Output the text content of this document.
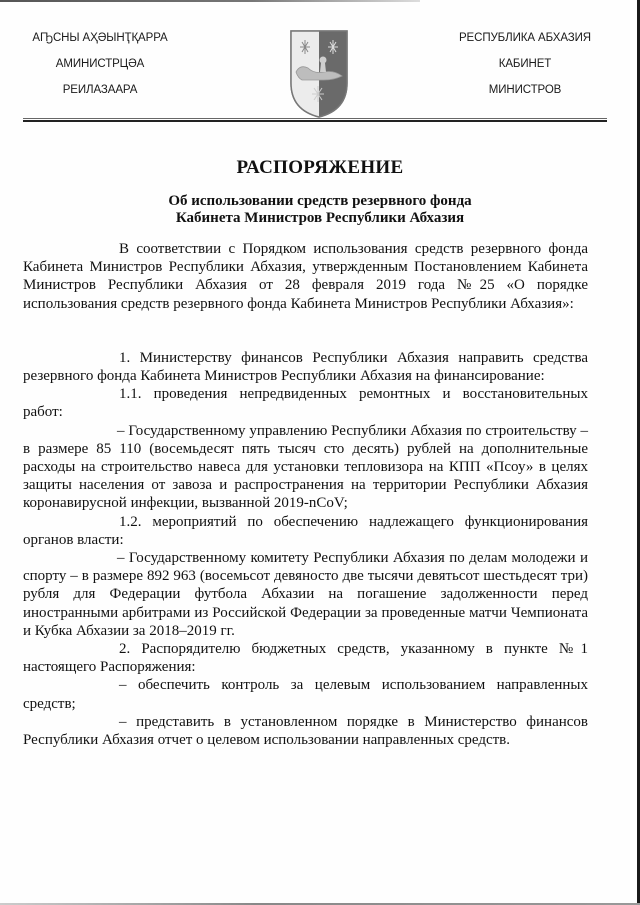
АҦСНЫ АҲӘЫНҬҚАРРА
АМИНИСТРЦӘА
РЕИЛАЗААРА
РЕСПУБЛИКА АБХАЗИЯ
КАБИНЕТ
МИНИСТРОВ
РАСПОРЯЖЕНИЕ
Об использовании средств резервного фонда
Кабинета Министров Республики Абхазия
В соответствии с Порядком использования средств резервного фонда Кабинета Министров Республики Абхазия, утвержденным Постановлением Кабинета Министров Республики Абхазия от 28 февраля 2019 года №25 «О порядке использования средств резервного фонда Кабинета Министров Республики Абхазия»:
1. Министерству финансов Республики Абхазия направить средства резервного фонда Кабинета Министров Республики Абхазия на финансирование:
1.1. проведения непредвиденных ремонтных и восстановительных работ:
– Государственному управлению Республики Абхазия по строительству – в размере 85 110 (восемьдесят пять тысяч сто десять) рублей на дополнительные расходы на строительство навеса для установки тепловизора на КПП «Псоу» в целях защиты населения от завоза и распространения на территории Республики Абхазия коронавирусной инфекции, вызванной 2019-nCoV;
1.2. мероприятий по обеспечению надлежащего функционирования органов власти:
– Государственному комитету Республики Абхазия по делам молодежи и спорту – в размере 892 963 (восемьсот девяносто две тысячи девятьсот шестьдесят три) рубля для Федерации футбола Абхазии на погашение задолженности перед иностранными арбитрами из Российской Федерации за проведенные матчи Чемпионата и Кубка Абхазии за 2018–2019 гг.
2. Распорядителю бюджетных средств, указанному в пункте №1 настоящего Распоряжения:
– обеспечить контроль за целевым использованием направленных средств;
– представить в установленном порядке в Министерство финансов Республики Абхазия отчет о целевом использовании направленных средств.
